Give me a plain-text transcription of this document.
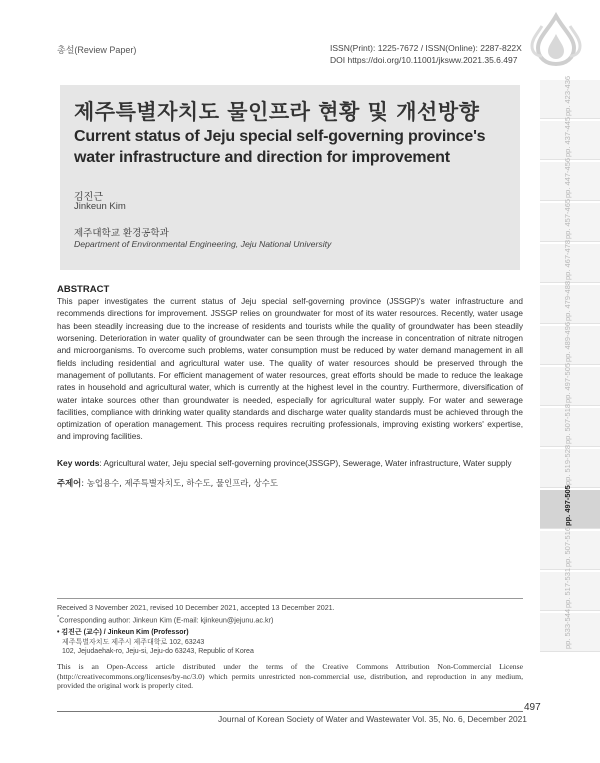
총설(Review Paper)	ISSN(Print): 1225-7672 / ISSN(Online): 2287-822X
DOI https://doi.org/10.11001/jksww.2021.35.6.497
제주특별자치도 물인프라 현황 및 개선방향
Current status of Jeju special self-governing province's water infrastructure and direction for improvement
김진근
Jinkeun Kim
제주대학교 환경공학과
Department of Environmental Engineering, Jeju National University
ABSTRACT
This paper investigates the current status of Jeju special self-governing province (JSSGP)'s water infrastructure and recommends directions for improvement. JSSGP relies on groundwater for most of its water resources. Recently, water usage has been steadily increasing due to the increase of residents and tourists while the quality of groundwater has been steadily worsening. Deterioration in water quality of groundwater can be seen through the increase in concentration of nitrate nitrogen and microorganisms. To overcome such problems, water consumption must be reduced by water demand management in all fields including residential and agricultural water use. The quality of water resources should be preserved through the management of pollutants. For efficient management of water resources, great efforts should be made to reduce the leakage rates in household and agricultural water, which is currently at the highest level in the country. Furthermore, diversification of water intake sources other than groundwater is needed, especially for agricultural water supply. For water and sewerage facilities, compliance with drinking water quality standards and discharge water quality standards must be achieved through the optimization of operation management. This process requires recruiting professionals, improving existing workers' expertise, and improving facilities.
Key words: Agricultural water, Jeju special self-governing province(JSSGP), Sewerage, Water infrastructure, Water supply
주제어: 농업용수, 제주특별자치도, 하수도, 물인프라, 상수도
Received 3 November 2021, revised 10 December 2021, accepted 13 December 2021.
*Corresponding author: Jinkeun Kim (E-mail: kjinkeun@jejunu.ac.kr)
• 김진근 (교수) / Jinkeun Kim (Professor)
제주특별자치도 제주시 제주대학로 102, 63243
102, Jejudaehak-ro, Jeju-si, Jeju-do 63243, Republic of Korea
This is an Open-Access article distributed under the terms of the Creative Commons Attribution Non-Commercial License (http://creativecommons.org/licenses/by-nc/3.0) which permits unrestricted non-commercial use, distribution, and reproduction in any medium, provided the original work is properly cited.
497
Journal of Korean Society of Water and Wastewater Vol. 35, No. 6, December 2021
pp. 423-436
pp. 437-445
pp. 447-456
pp. 457-465
pp. 467-478
pp. 479-488
pp. 489-496
pp. 497-505
pp. 507-518
pp. 519-528
pp. 497-505
pp. 507-516
pp. 517-531
pp. 533-544
